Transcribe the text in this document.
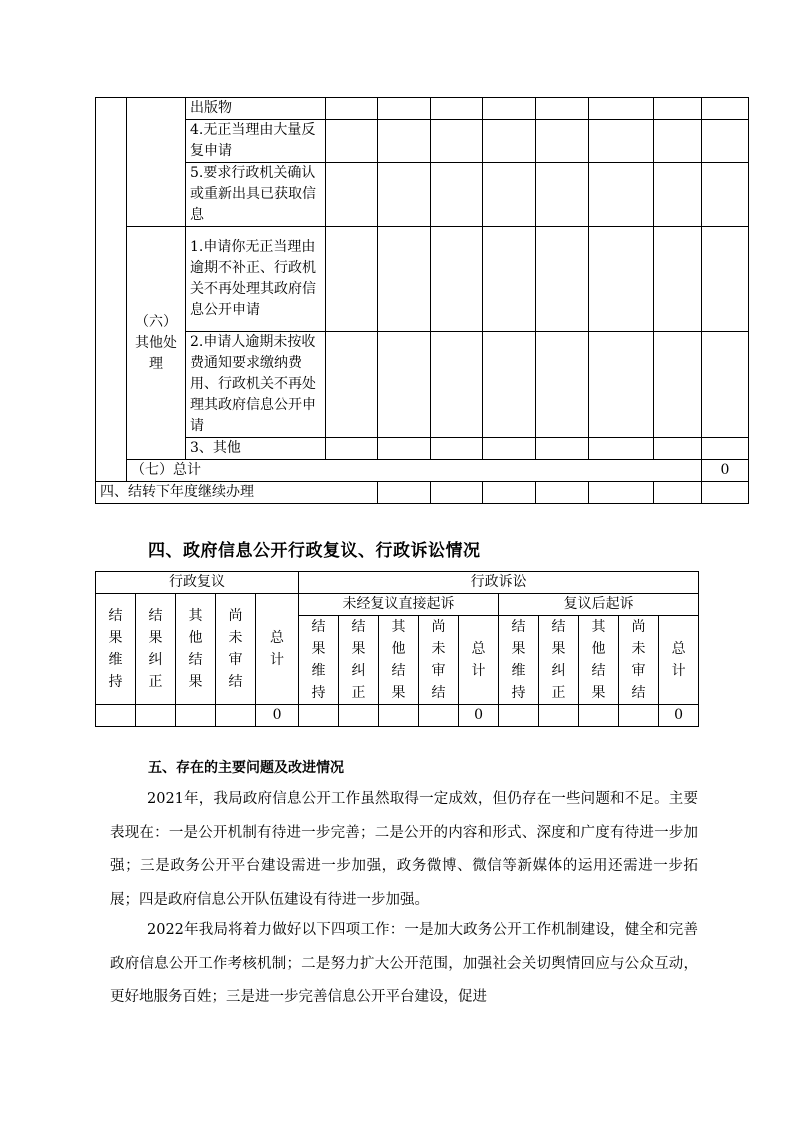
		出版物								
		4.无正当理由大量反复申请								
		5.要求行政机关确认或重新出具已获取信息								
	（六）其他处理	1.申请你无正当理由逾期不补正、行政机关不再处理其政府信息公开申请								
		2.申请人逾期未按收费通知要求缴纳费用、行政机关不再处理其政府信息公开申请								
		3、其他								
	（七）总计									0
四、结转下年度继续办理										
四、政府信息公开行政复议、行政诉讼情况
行政复议					行政诉讼									
结果维持	结果纠正	其他结果	尚未审结	总计	未经复议直接起诉					复议后起诉				
					结果维持	结果纠正	其他结果	尚未审结	总计	结果维持	结果纠正	其他结果	尚未审结	总计
				0					0					0
五、存在的主要问题及改进情况
2021年，我局政府信息公开工作虽然取得一定成效，但仍存在一些问题和不足。主要表现在：一是公开机制有待进一步完善；二是公开的内容和形式、深度和广度有待进一步加强；三是政务公开平台建设需进一步加强，政务微博、微信等新媒体的运用还需进一步拓展；四是政府信息公开队伍建设有待进一步加强。
2022年我局将着力做好以下四项工作：一是加大政务公开工作机制建设，健全和完善政府信息公开工作考核机制；二是努力扩大公开范围，加强社会关切舆情回应与公众互动，更好地服务百姓；三是进一步完善信息公开平台建设，促进
